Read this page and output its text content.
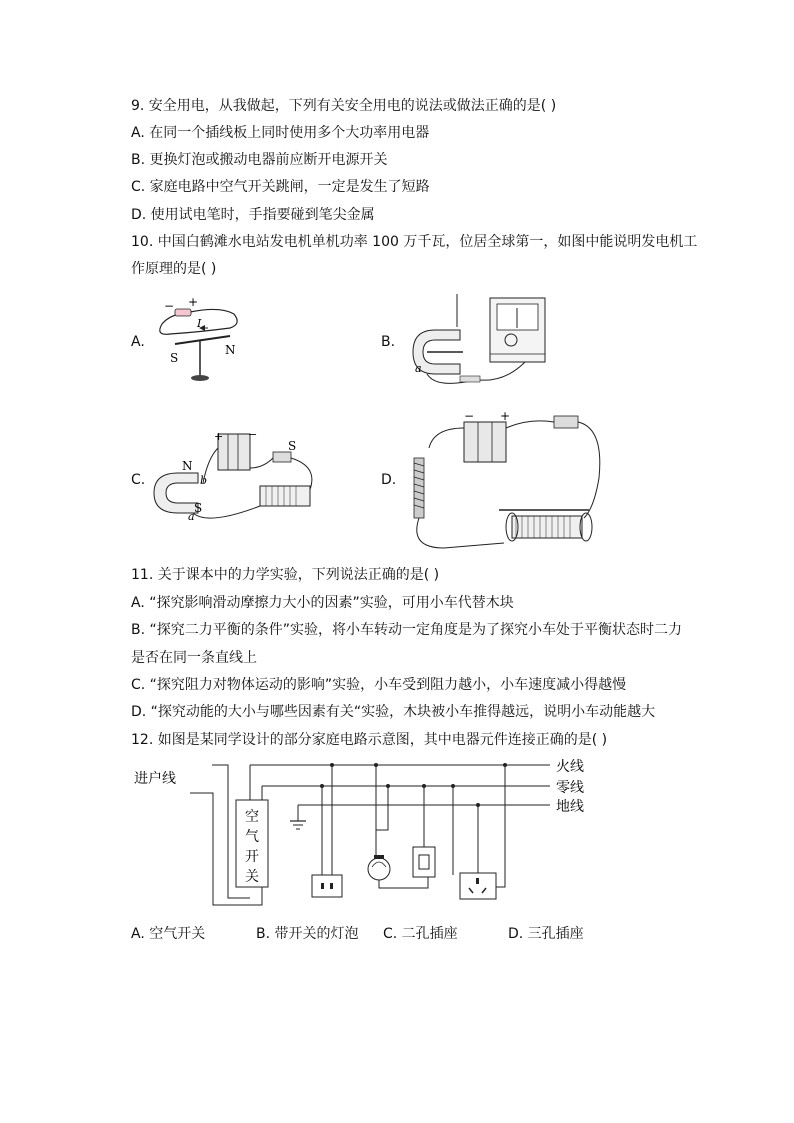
9. 安全用电，从我做起，下列有关安全用电的说法或做法正确的是( )
A. 在同一个插线板上同时使用多个大功率用电器
B. 更换灯泡或搬动电器前应断开电源开关
C. 家庭电路中空气开关跳闸，一定是发生了短路
D. 使用试电笔时，手指要碰到笔尖金属
10. 中国白鹤滩水电站发电机单机功率 100 万千瓦，位居全球第一，如图中能说明发电机工
作原理的是( )
A.	B.
C.	D.
− +
I
S
N
a
+ −
S
N
S
b
a
− +
11. 关于课本中的力学实验，下列说法正确的是( )
A. “探究影响滑动摩擦力大小的因素”实验，可用小车代替木块
B. “探究二力平衡的条件”实验，将小车转动一定角度是为了探究小车处于平衡状态时二力
是否在同一条直线上
C. “探究阻力对物体运动的影响”实验，小车受到阻力越小，小车速度减小得越慢
D. “探究动能的大小与哪些因素有关“实验，木块被小车推得越远，说明小车动能越大
12. 如图是某同学设计的部分家庭电路示意图，其中电器元件连接正确的是( )
进户线
火线
零线
地线
空
气
开
关
A. 空气开关	B. 带开关的灯泡 C. 二孔插座	D. 三孔插座
